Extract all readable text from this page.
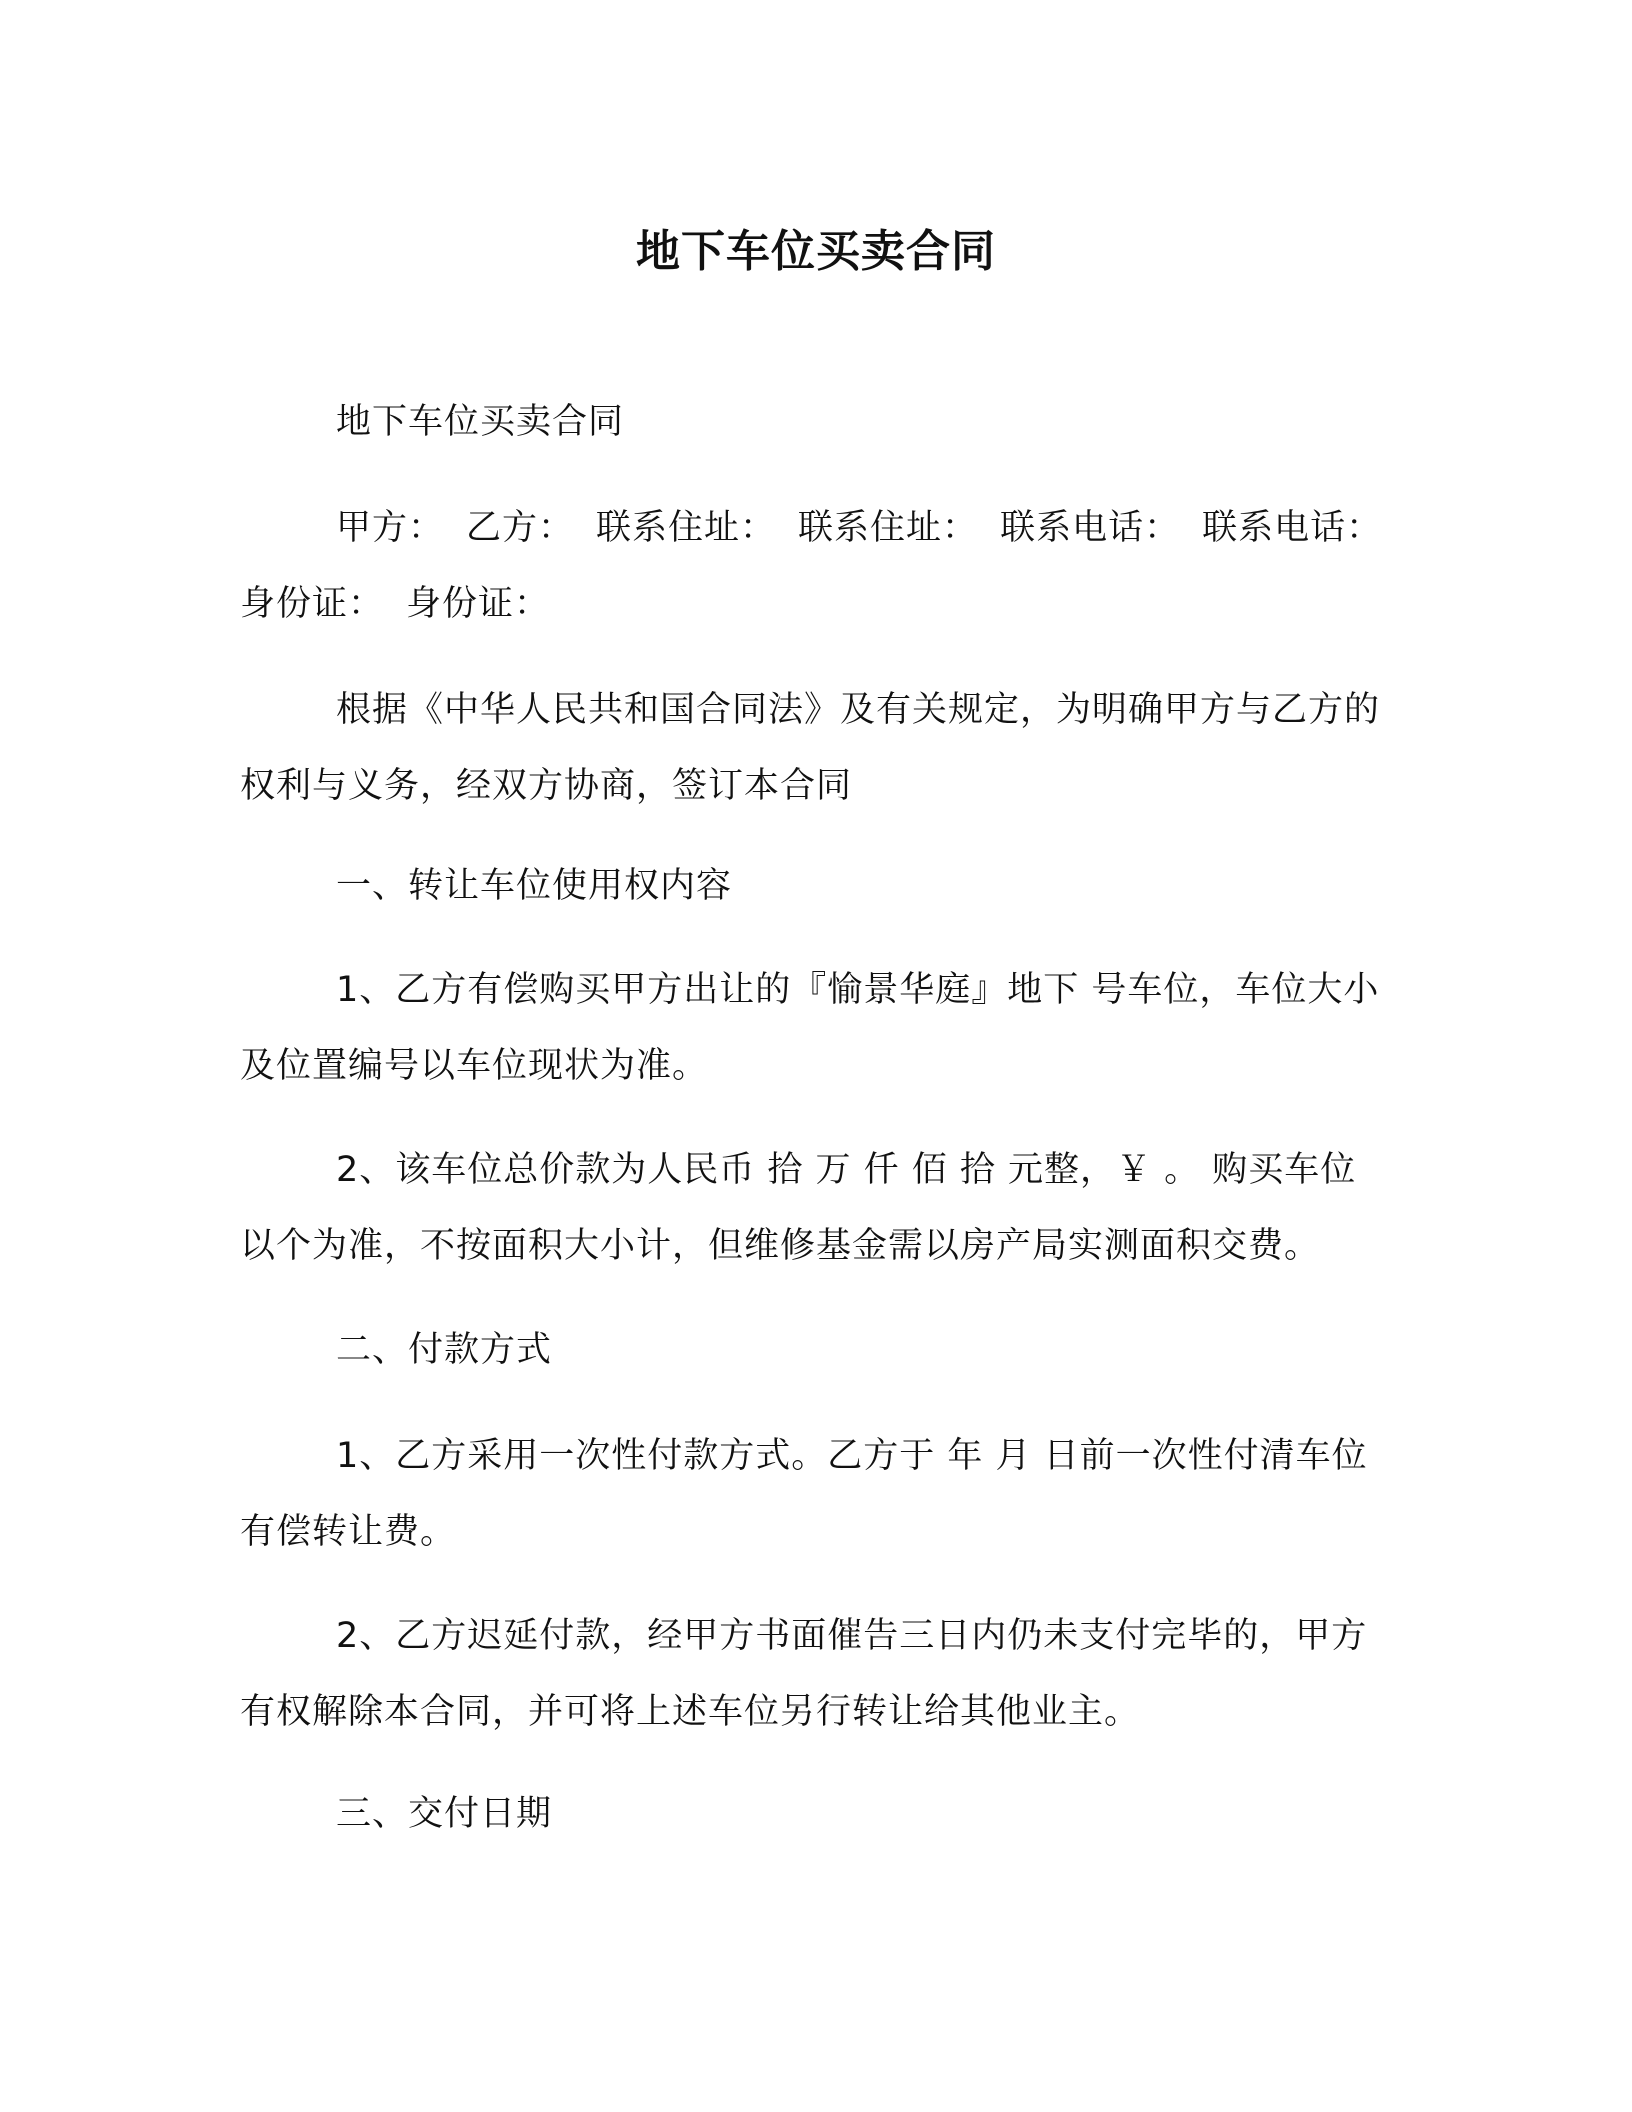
地下车位买卖合同

地下车位买卖合同

甲方： 乙方： 联系住址： 联系住址： 联系电话： 联系电话：
身份证： 身份证：

根据《中华人民共和国合同法》及有关规定，为明确甲方与乙方的权利与义务，经双方协商，签订本合同

一、转让车位使用权内容

1、乙方有偿购买甲方出让的『愉景华庭』地下 号车位，车位大小及位置编号以车位现状为准。

2、该车位总价款为人民币 拾 万 仟 佰 拾 元整，￥ 。 购买车位以个为准，不按面积大小计，但维修基金需以房产局实测面积交费。

二、付款方式

1、乙方采用一次性付款方式。乙方于 年 月 日前一次性付清车位有偿转让费。

2、乙方迟延付款，经甲方书面催告三日内仍未支付完毕的，甲方有权解除本合同，并可将上述车位另行转让给其他业主。

三、交付日期
